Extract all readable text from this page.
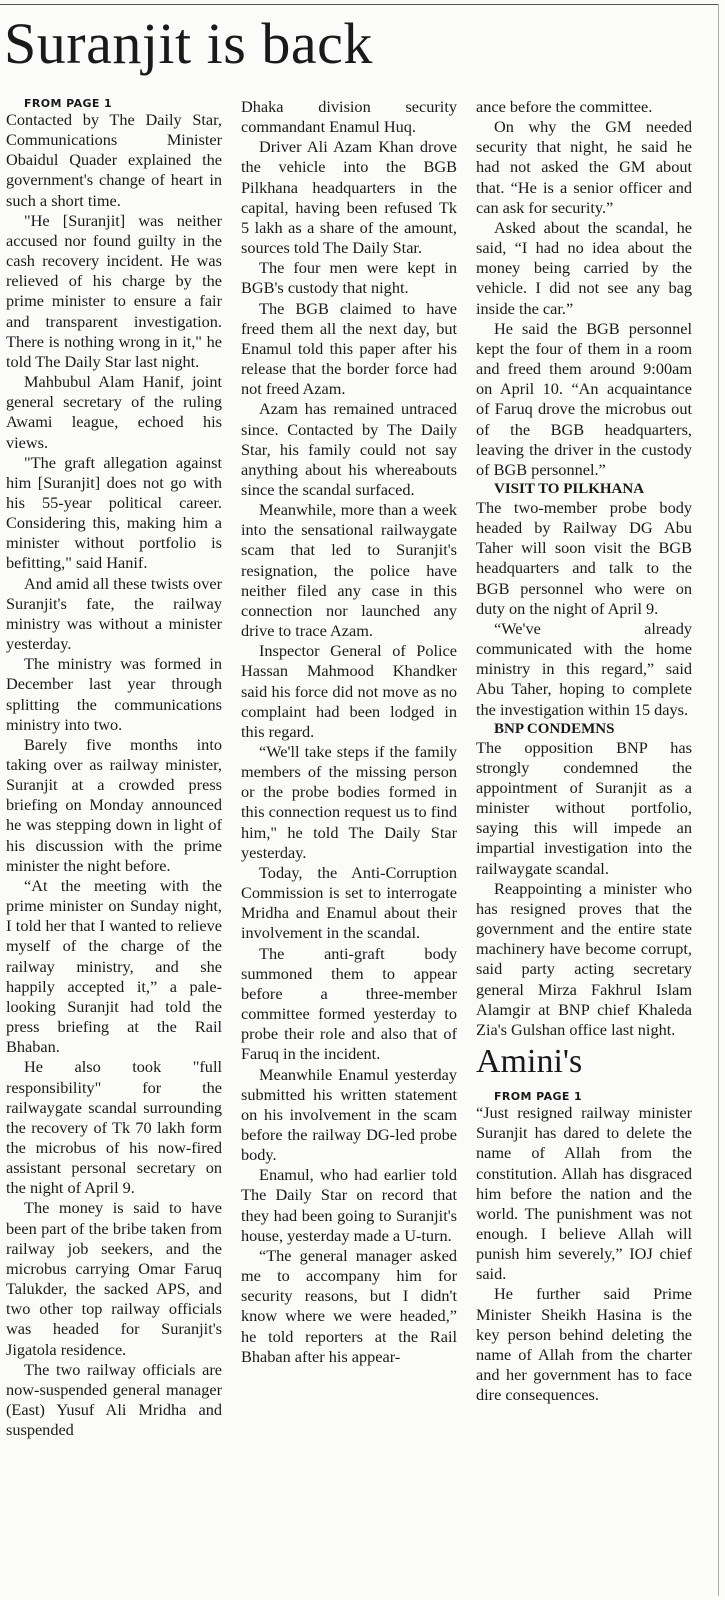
Suranjit is back

FROM PAGE 1

Contacted by The Daily Star, Communications Minister Obaidul Quader explained the government's change of heart in such a short time.

"He [Suranjit] was neither accused nor found guilty in the cash recovery incident. He was relieved of his charge by the prime minister to ensure a fair and transparent investigation. There is nothing wrong in it," he told The Daily Star last night.

Mahbubul Alam Hanif, joint general secretary of the ruling Awami league, echoed his views.

"The graft allegation against him [Suranjit] does not go with his 55-year political career. Considering this, making him a minister without portfolio is befitting," said Hanif.

And amid all these twists over Suranjit's fate, the railway ministry was without a minister yesterday.

The ministry was formed in December last year through splitting the communications ministry into two.

Barely five months into taking over as railway minister, Suranjit at a crowded press briefing on Monday announced he was stepping down in light of his discussion with the prime minister the night before.

“At the meeting with the prime minister on Sunday night, I told her that I wanted to relieve myself of the charge of the railway ministry, and she happily accepted it,” a pale-looking Suranjit had told the press briefing at the Rail Bhaban.

He also took "full responsibility" for the railwaygate scandal surrounding the recovery of Tk 70 lakh form the microbus of his now-fired assistant personal secretary on the night of April 9.

The money is said to have been part of the bribe taken from railway job seekers, and the microbus carrying Omar Faruq Talukder, the sacked APS, and two other top railway officials was headed for Suranjit's Jigatola residence.

The two railway officials are now-suspended general manager (East) Yusuf Ali Mridha and suspended

Dhaka division security commandant Enamul Huq.

Driver Ali Azam Khan drove the vehicle into the BGB Pilkhana headquarters in the capital, having been refused Tk 5 lakh as a share of the amount, sources told The Daily Star.

The four men were kept in BGB's custody that night.

The BGB claimed to have freed them all the next day, but Enamul told this paper after his release that the border force had not freed Azam.

Azam has remained untraced since. Contacted by The Daily Star, his family could not say anything about his whereabouts since the scandal surfaced.

Meanwhile, more than a week into the sensational railwaygate scam that led to Suranjit's resignation, the police have neither filed any case in this connection nor launched any drive to trace Azam.

Inspector General of Police Hassan Mahmood Khandker said his force did not move as no complaint had been lodged in this regard.

“We'll take steps if the family members of the missing person or the probe bodies formed in this connection request us to find him," he told The Daily Star yesterday.

Today, the Anti-Corruption Commission is set to interrogate Mridha and Enamul about their involvement in the scandal.

The anti-graft body summoned them to appear before a three-member committee formed yesterday to probe their role and also that of Faruq in the incident.

Meanwhile Enamul yesterday submitted his written statement on his involvement in the scam before the railway DG-led probe body.

Enamul, who had earlier told The Daily Star on record that they had been going to Suranjit's house, yesterday made a U-turn.

“The general manager asked me to accompany him for security reasons, but I didn't know where we were headed,” he told reporters at the Rail Bhaban after his appear-

ance before the committee.

On why the GM needed security that night, he said he had not asked the GM about that. “He is a senior officer and can ask for security.”

Asked about the scandal, he said, “I had no idea about the money being carried by the vehicle. I did not see any bag inside the car.”

He said the BGB personnel kept the four of them in a room and freed them around 9:00am on April 10. “An acquaintance of Faruq drove the microbus out of the BGB headquarters, leaving the driver in the custody of BGB personnel.”

VISIT TO PILKHANA

The two-member probe body headed by Railway DG Abu Taher will soon visit the BGB headquarters and talk to the BGB personnel who were on duty on the night of April 9.

“We've already communicated with the home ministry in this regard,” said Abu Taher, hoping to complete the investigation within 15 days.

BNP CONDEMNS

The opposition BNP has strongly condemned the appointment of Suranjit as a minister without portfolio, saying this will impede an impartial investigation into the railwaygate scandal.

Reappointing a minister who has resigned proves that the government and the entire state machinery have become corrupt, said party acting secretary general Mirza Fakhrul Islam Alamgir at BNP chief Khaleda Zia's Gulshan office last night.

Amini's

FROM PAGE 1

“Just resigned railway minister Suranjit has dared to delete the name of Allah from the constitution. Allah has disgraced him before the nation and the world. The punishment was not enough. I believe Allah will punish him severely,” IOJ chief said.

He further said Prime Minister Sheikh Hasina is the key person behind deleting the name of Allah from the charter and her government has to face dire consequences.
